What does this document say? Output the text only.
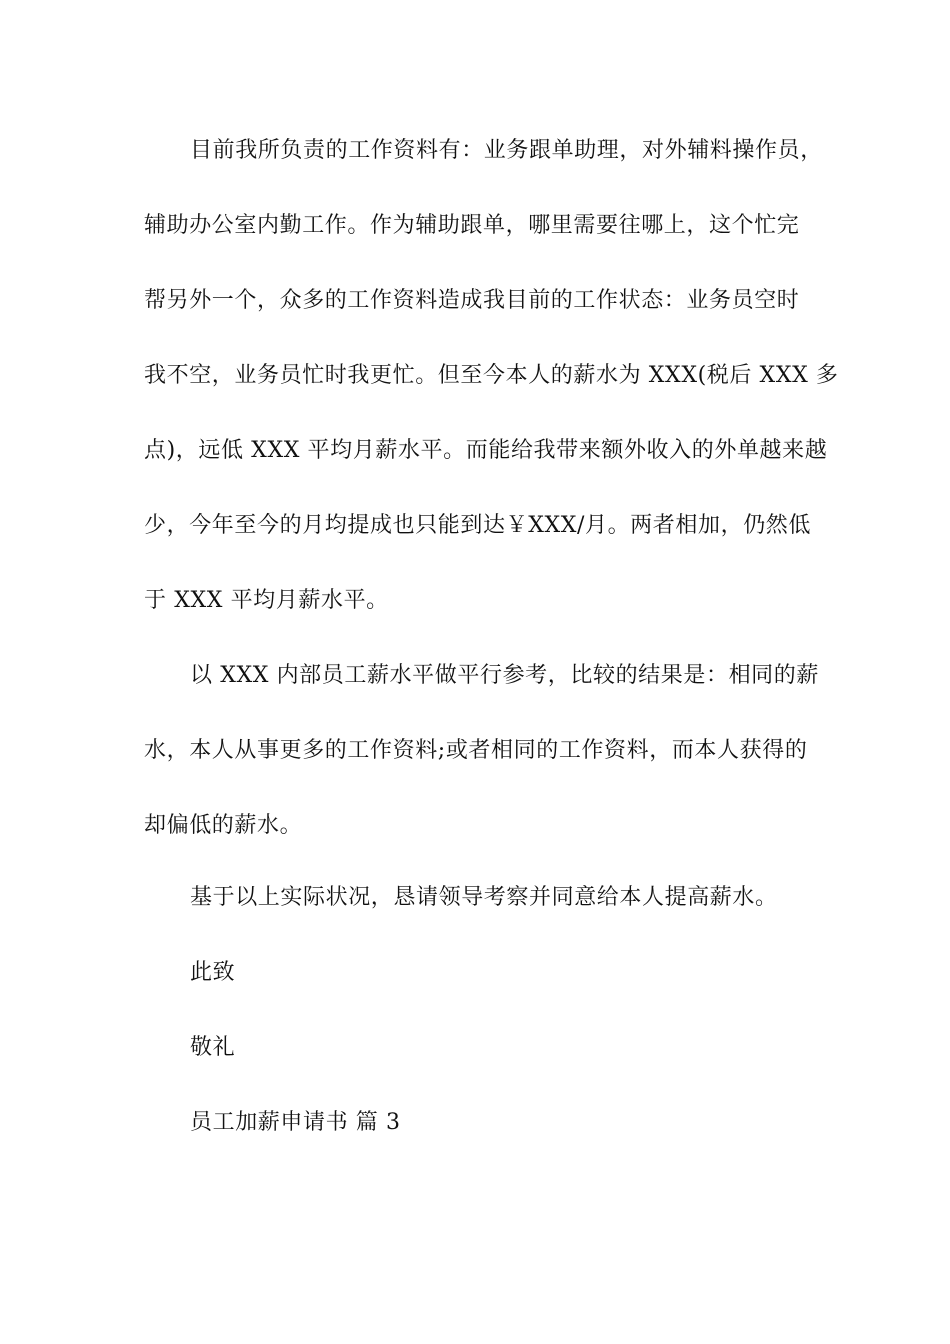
目前我所负责的工作资料有：业务跟单助理，对外辅料操作员，
辅助办公室内勤工作。作为辅助跟单，哪里需要往哪上，这个忙完
帮另外一个，众多的工作资料造成我目前的工作状态：业务员空时
我不空，业务员忙时我更忙。但至今本人的薪水为 XXX(税后 XXX 多
点)，远低 XXX 平均月薪水平。而能给我带来额外收入的外单越来越
少，今年至今的月均提成也只能到达￥XXX/月。两者相加，仍然低
于 XXX 平均月薪水平。
以 XXX 内部员工薪水平做平行参考，比较的结果是：相同的薪
水，本人从事更多的工作资料;或者相同的工作资料，而本人获得的
却偏低的薪水。
基于以上实际状况，恳请领导考察并同意给本人提高薪水。
此致
敬礼
员工加薪申请书 篇 3
